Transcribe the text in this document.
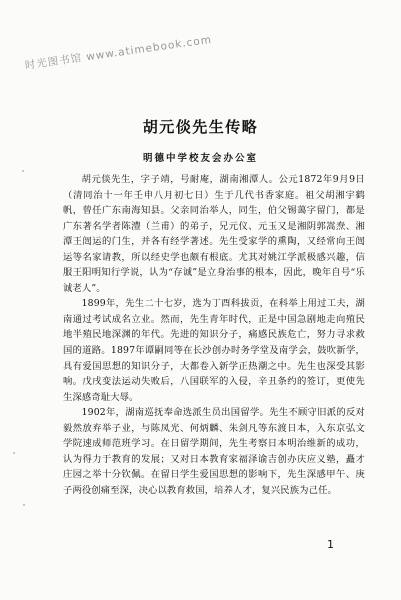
时光图书馆 www.atimebook.com
胡元倓先生传略
明德中学校友会办公室

胡元倓先生，字子靖，号耐庵，湖南湘潭人。公元1872年9月9日（清同治十一年壬申八月初七日）生于几代书香家庭。祖父胡湘宇鹤帆，曾任广东南海知县。父亲同治举人，同生，伯父锡蔼字留门，都是广东著名学者陈澧（兰甫）的弟子，兄元仪、元玉又是湘阴郭嵩焘、湘潭王闿运的门生，并各有经学著述。先生受家学的熏陶，又经常向王闿运等名家请教，所以经史学也颇有根底。尤其对姚江学派极感兴趣，信服王阳明知行学说，认为“存诚”是立身治事的根本，因此，晚年自号“乐诚老人”。

1899年，先生二十七岁，选为丁酉科拔贡，在科举上用过工夫，湖南通过考试成名立业。然而，先生青年时代，正是中国急剧地走向殖民地半殖民地深渊的年代。先进的知识分子，痛感民族危亡，努力寻求救国的道路。1897年谭嗣同等在长沙创办时务学堂及南学会，鼓吹新学，具有爱国思想的知识分子，大都卷入新学正热潮之中。先生也深受其影响。戊戌变法运动失败后，八国联军的入侵，辛丑条约的签订，更使先生深感奇耻大辱。

1902年，湖南巡抚奉命选派生员出国留学。先生不顾守旧派的反对毅然放弃举子业，与陈凤光、何炳麟、朱剑凡等东渡日本，入东京弘文学院速成师范班学习。在日留学期间，先生考察日本明治维新的成功，认为得力于教育的发展；又对日本教育家福泽谕吉创办庆应义塾，矗才庄园之举十分钦佩。在留日学生爱国思想的影响下，先生深感甲午、庚子两役创痛至深，决心以教育救国，培养人才，复兴民族为己任。

1
